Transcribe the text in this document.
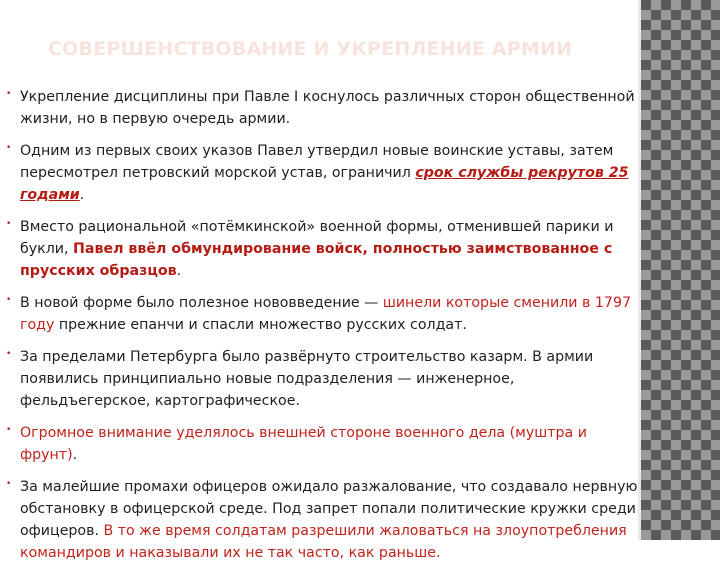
СОВЕРШЕНСТВОВАНИЕ И УКРЕПЛЕНИЕ АРМИИ
• Укрепление дисциплины при Павле I коснулось различных сторон общественной жизни, но в первую очередь армии.
• Одним из первых своих указов Павел утвердил новые воинские уставы, затем пересмотрел петровский морской устав, ограничил срок службы рекрутов 25 годами.
• Вместо рациональной «потёмкинской» военной формы, отменившей парики и букли, Павел ввёл обмундирование войск, полностью заимствованное с прусских образцов.
• В новой форме было полезное нововведение — шинели которые сменили в 1797 году прежние епанчи и спасли множество русских солдат.
• За пределами Петербурга было развёрнуто строительство казарм. В армии появились принципиально новые подразделения — инженерное, фельдъегерское, картографическое.
• Огромное внимание уделялось внешней стороне военного дела (муштра и фрунт).
• За малейшие промахи офицеров ожидало разжалование, что создавало нервную обстановку в офицерской среде. Под запрет попали политические кружки среди офицеров. В то же время солдатам разрешили жаловаться на злоупотребления командиров и наказывали их не так часто, как раньше.
